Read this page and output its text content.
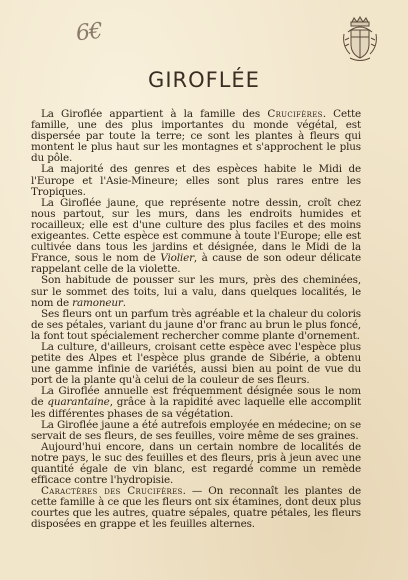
6€
GIROFLÉE

La Giroflée appartient à la famille des Crucifères. Cette famille, une des plus importantes du monde végétal, est dispersée par toute la terre; ce sont les plantes à fleurs qui montent le plus haut sur les montagnes et s'approchent le plus du pôle.

La majorité des genres et des espèces habite le Midi de l'Europe et l'Asie-Mineure; elles sont plus rares entre les Tropiques.

La Giroflée jaune, que représente notre dessin, croît chez nous partout, sur les murs, dans les endroits humides et rocailleux; elle est d'une culture des plus faciles et des moins exigeantes. Cette espèce est commune à toute l'Europe; elle est cultivée dans tous les jardins et désignée, dans le Midi de la France, sous le nom de Violier, à cause de son odeur délicate rappelant celle de la violette.

Son habitude de pousser sur les murs, près des cheminées, sur le sommet des toits, lui a valu, dans quelques localités, le nom de ramoneur.

Ses fleurs ont un parfum très agréable et la chaleur du coloris de ses pétales, variant du jaune d'or franc au brun le plus foncé, la font tout spécialement rechercher comme plante d'ornement.

La culture, d'ailleurs, croisant cette espèce avec l'espèce plus petite des Alpes et l'espèce plus grande de Sibérie, a obtenu une gamme infinie de variétés, aussi bien au point de vue du port de la plante qu'à celui de la couleur de ses fleurs.

La Giroflée annuelle est fréquemment désignée sous le nom de quarantaine, grâce à la rapidité avec laquelle elle accomplit les différentes phases de sa végétation.

La Giroflée jaune a été autrefois employée en médecine; on se servait de ses fleurs, de ses feuilles, voire même de ses graines.

Aujourd'hui encore, dans un certain nombre de localités de notre pays, le suc des feuilles et des fleurs, pris à jeun avec une quantité égale de vin blanc, est regardé comme un remède efficace contre l'hydropisie.

Caractères des Crucifères. — On reconnaît les plantes de cette famille à ce que les fleurs ont six étamines, dont deux plus courtes que les autres, quatre sépales, quatre pétales, les fleurs disposées en grappe et les feuilles alternes.
